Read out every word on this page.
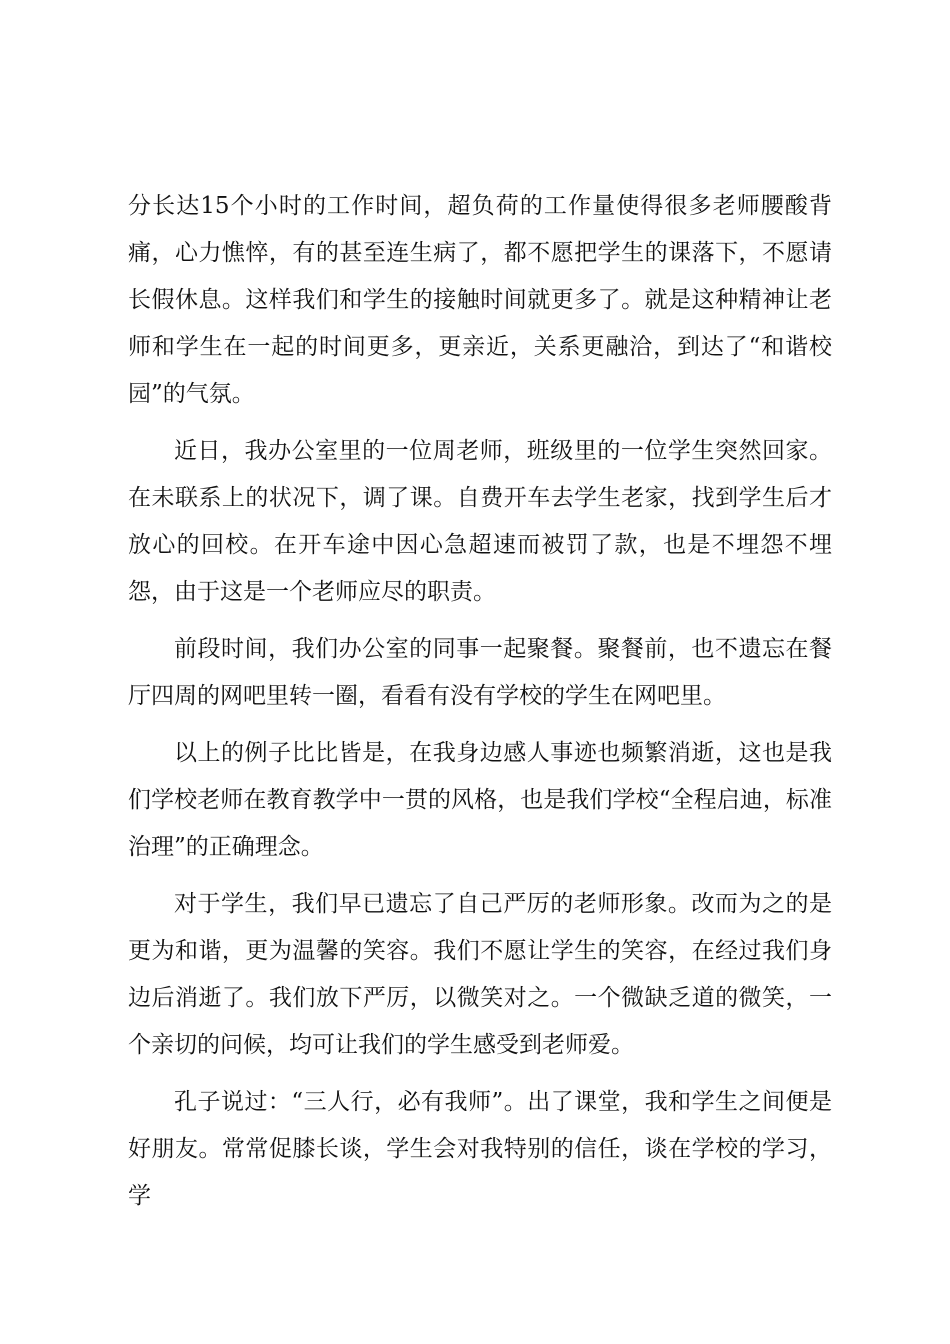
分长达15个小时的工作时间，超负荷的工作量使得很多老师腰酸背痛，心力憔悴，有的甚至连生病了，都不愿把学生的课落下，不愿请长假休息。这样我们和学生的接触时间就更多了。就是这种精神让老师和学生在一起的时间更多，更亲近，关系更融洽，到达了“和谐校园”的气氛。

近日，我办公室里的一位周老师，班级里的一位学生突然回家。在未联系上的状况下，调了课。自费开车去学生老家，找到学生后才放心的回校。在开车途中因心急超速而被罚了款，也是不埋怨不埋怨，由于这是一个老师应尽的职责。

前段时间，我们办公室的同事一起聚餐。聚餐前，也不遗忘在餐厅四周的网吧里转一圈，看看有没有学校的学生在网吧里。

以上的例子比比皆是，在我身边感人事迹也频繁消逝，这也是我们学校老师在教育教学中一贯的风格，也是我们学校“全程启迪，标准治理”的正确理念。

对于学生，我们早已遗忘了自己严厉的老师形象。改而为之的是更为和谐，更为温馨的笑容。我们不愿让学生的笑容，在经过我们身边后消逝了。我们放下严厉，以微笑对之。一个微缺乏道的微笑，一个亲切的问候，均可让我们的学生感受到老师爱。

孔子说过：“三人行，必有我师”。出了课堂，我和学生之间便是好朋友。常常促膝长谈，学生会对我特别的信任，谈在学校的学习，学
